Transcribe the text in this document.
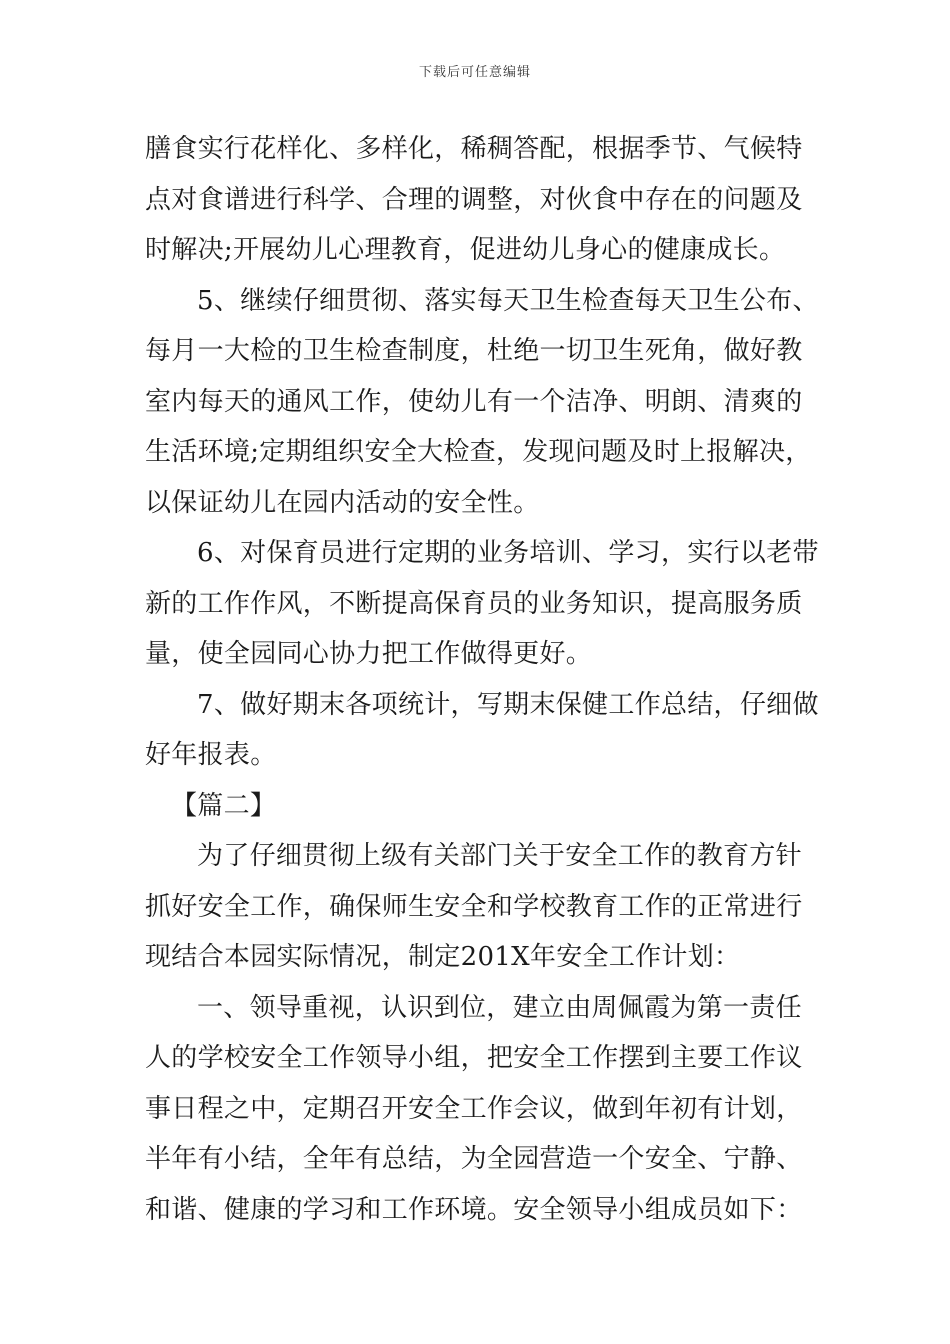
下载后可任意编辑
膳食实行花样化、多样化，稀稠答配，根据季节、气候特
点对食谱进行科学、合理的调整，对伙食中存在的问题及
时解决;开展幼儿心理教育，促进幼儿身心的健康成长。
5、继续仔细贯彻、落实每天卫生检查每天卫生公布、
每月一大检的卫生检查制度，杜绝一切卫生死角，做好教
室内每天的通风工作，使幼儿有一个洁净、明朗、清爽的
生活环境;定期组织安全大检查，发现问题及时上报解决，
以保证幼儿在园内活动的安全性。
6、对保育员进行定期的业务培训、学习，实行以老带
新的工作作风，不断提高保育员的业务知识，提高服务质
量，使全园同心协力把工作做得更好。
7、做好期末各项统计，写期末保健工作总结，仔细做
好年报表。
【篇二】
为了仔细贯彻上级有关部门关于安全工作的教育方针
抓好安全工作，确保师生安全和学校教育工作的正常进行
现结合本园实际情况，制定201X年安全工作计划：
一、领导重视，认识到位，建立由周佩霞为第一责任
人的学校安全工作领导小组，把安全工作摆到主要工作议
事日程之中，定期召开安全工作会议，做到年初有计划，
半年有小结，全年有总结，为全园营造一个安全、宁静、
和谐、健康的学习和工作环境。安全领导小组成员如下：
